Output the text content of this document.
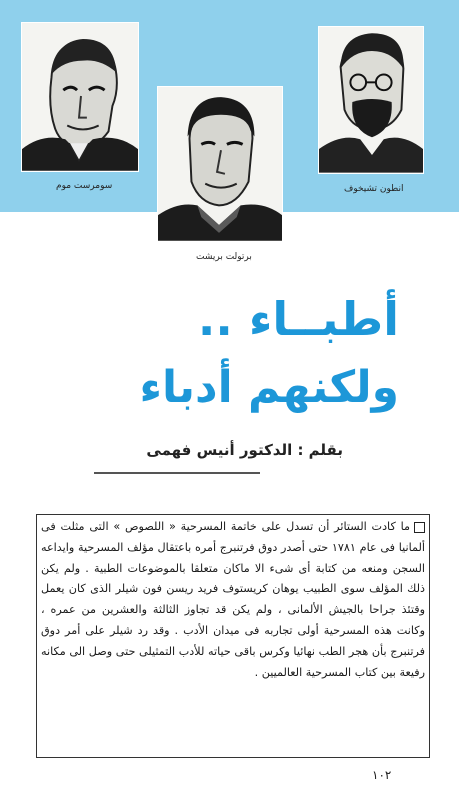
سومرست موم	انطون تشيخوف
برتولت بريشت
أطبــاء ..
ولكنهم أدباء
بقلم : الدكتور أنيس فهمى

ما كادت الستائر أن تسدل على خاتمة المسرحية « اللصوص » التى مثلت فى ألمانيا فى عام ١٧٨١ حتى أصدر دوق فرتنبرج أمره باعتقال مؤلف المسرحية وايداعه السجن ومنعه من كتابة أى شىء الا ماكان متعلقا بالموضوعات الطبية . ولم يكن ذلك المؤلف سوى الطبيب يوهان كريستوف فريد ريسن فون شيلر الذى كان يعمل وقتئذ جراحا بالجيش الألمانى ، ولم يكن قد تجاوز الثالثة والعشرين من عمره ، وكانت هذه المسرحية أولى تجاربه فى ميدان الأدب . وقد رد شيلر على أمر دوق فرتنبرج بأن هجر الطب نهائيا وكرس باقى حياته للأدب التمثيلى حتى وصل الى مكانه رفيعة بين كتاب المسرحية العالميين .

١٠٢
